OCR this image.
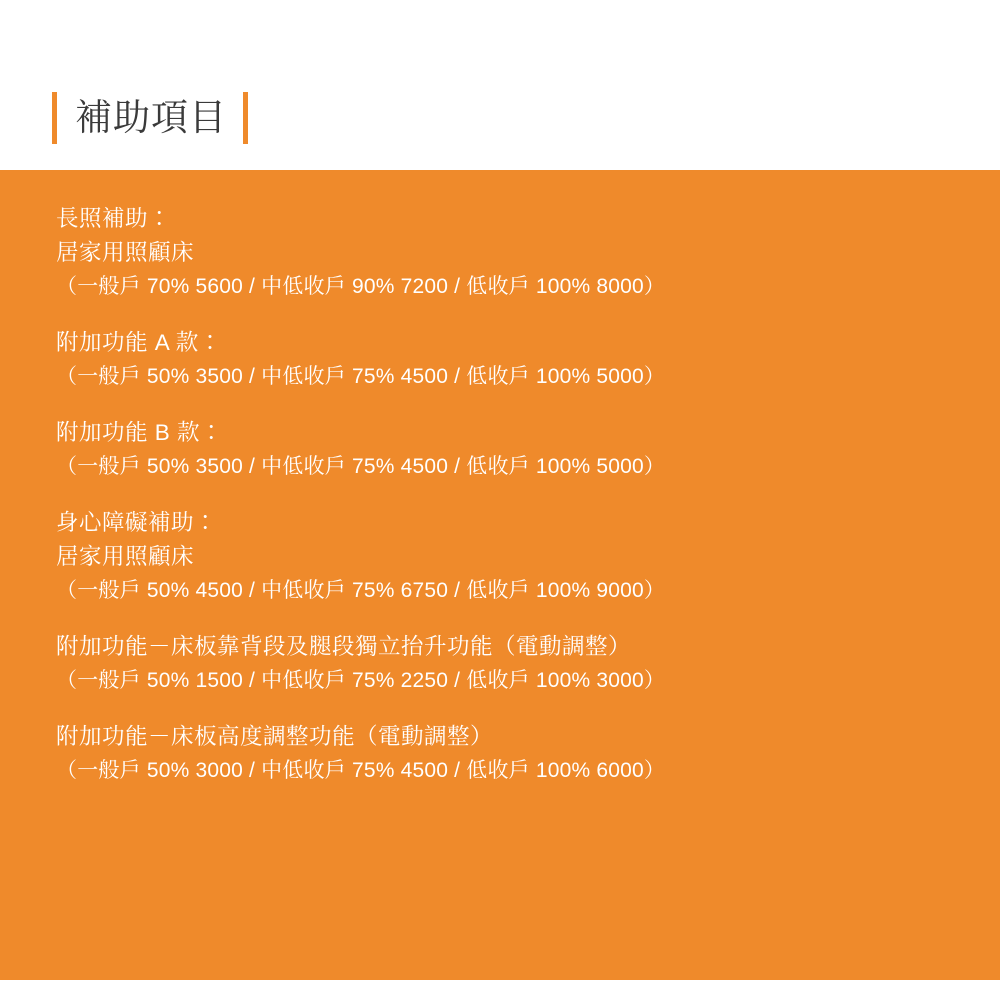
補助項目
長照補助：
居家用照顧床
（一般戶 70% 5600 / 中低收戶 90% 7200 / 低收戶 100% 8000）
附加功能 A 款：
（一般戶 50% 3500 / 中低收戶 75% 4500 / 低收戶 100% 5000）
附加功能 B 款：
（一般戶 50% 3500 / 中低收戶 75% 4500 / 低收戶 100% 5000）
身心障礙補助：
居家用照顧床
（一般戶 50% 4500 / 中低收戶 75% 6750 / 低收戶 100% 9000）
附加功能－床板靠背段及腿段獨立抬升功能（電動調整）
（一般戶 50% 1500 / 中低收戶 75% 2250 / 低收戶 100% 3000）
附加功能－床板高度調整功能（電動調整）
（一般戶 50% 3000 / 中低收戶 75% 4500 / 低收戶 100% 6000）
